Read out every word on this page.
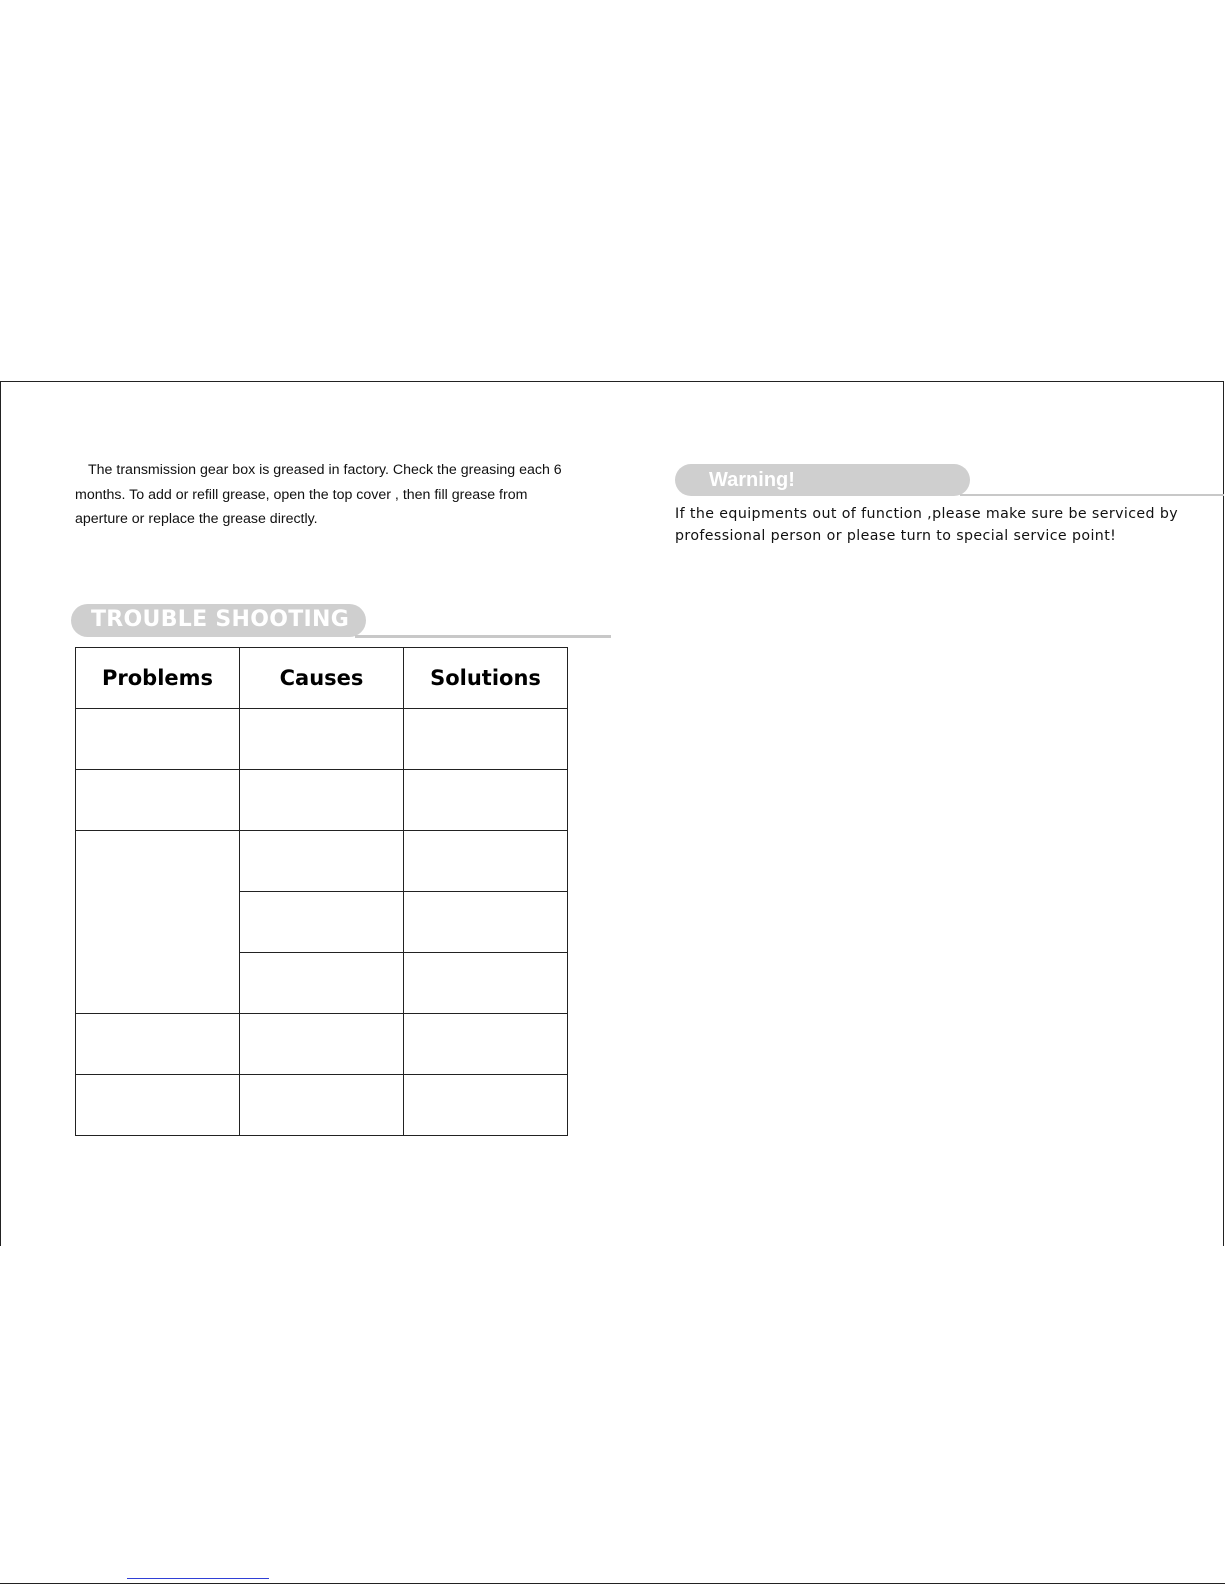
The transmission gear box is greased in factory. Check the greasing each 6 months. To add or refill grease, open the top cover , then fill grease from aperture or replace the grease directly.

TROUBLE SHOOTING
Problems	Causes	Solutions

Warning!

If the equipments out of function ,please make sure be serviced by professional person or please turn to special service point!
